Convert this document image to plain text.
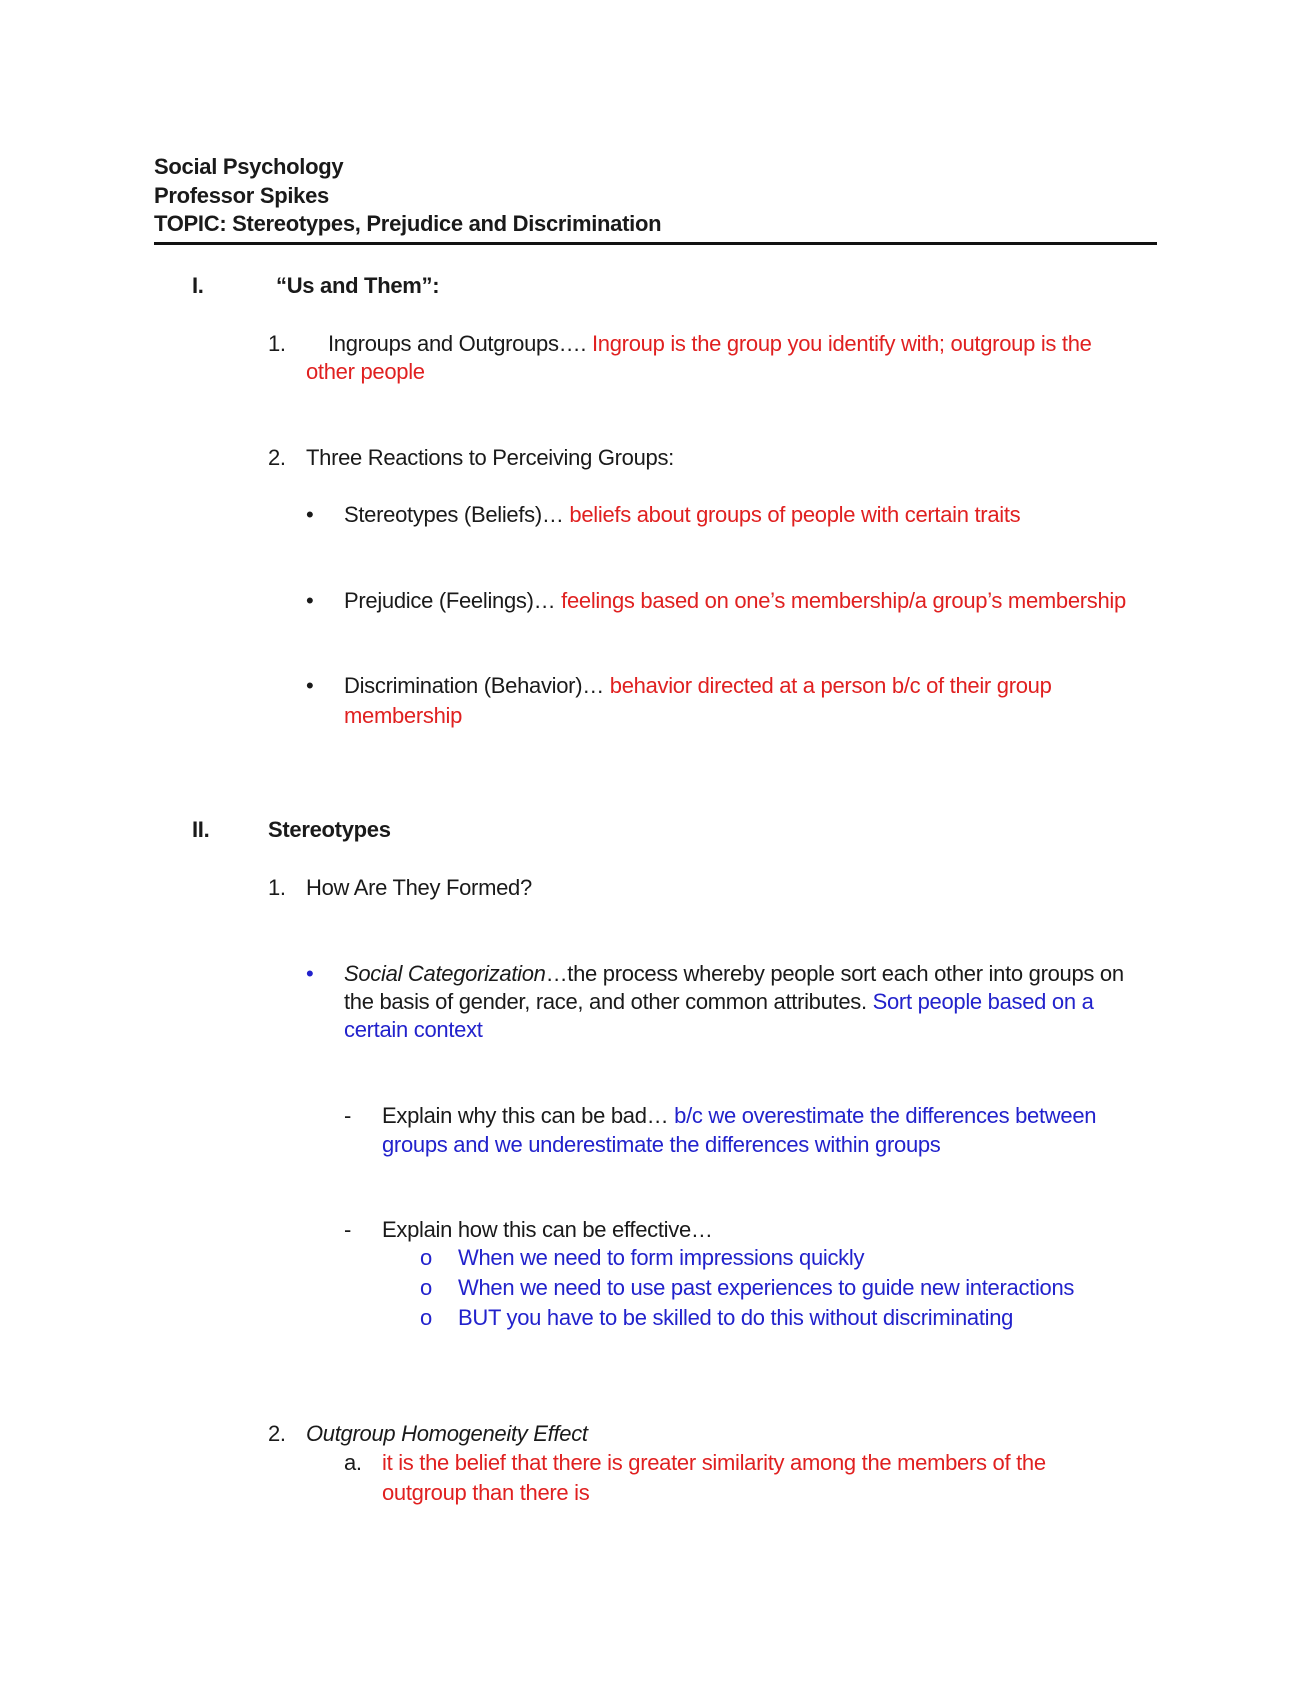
Social Psychology
Professor Spikes
TOPIC: Stereotypes, Prejudice and Discrimination
I.	“Us and Them”:
1. Ingroups and Outgroups…. Ingroup is the group you identify with; outgroup is the
other people
2. Three Reactions to Perceiving Groups:
• Stereotypes (Beliefs)… beliefs about groups of people with certain traits
• Prejudice (Feelings)… feelings based on one’s membership/a group’s membership
• Discrimination (Behavior)… behavior directed at a person b/c of their group
membership
II.	Stereotypes
1. How Are They Formed?
• Social Categorization…the process whereby people sort each other into groups on
the basis of gender, race, and other common attributes. Sort people based on a
certain context
- Explain why this can be bad… b/c we overestimate the differences between
groups and we underestimate the differences within groups
- Explain how this can be effective…
o When we need to form impressions quickly
o When we need to use past experiences to guide new interactions
o BUT you have to be skilled to do this without discriminating
2. Outgroup Homogeneity Effect
a. it is the belief that there is greater similarity among the members of the
outgroup than there is
